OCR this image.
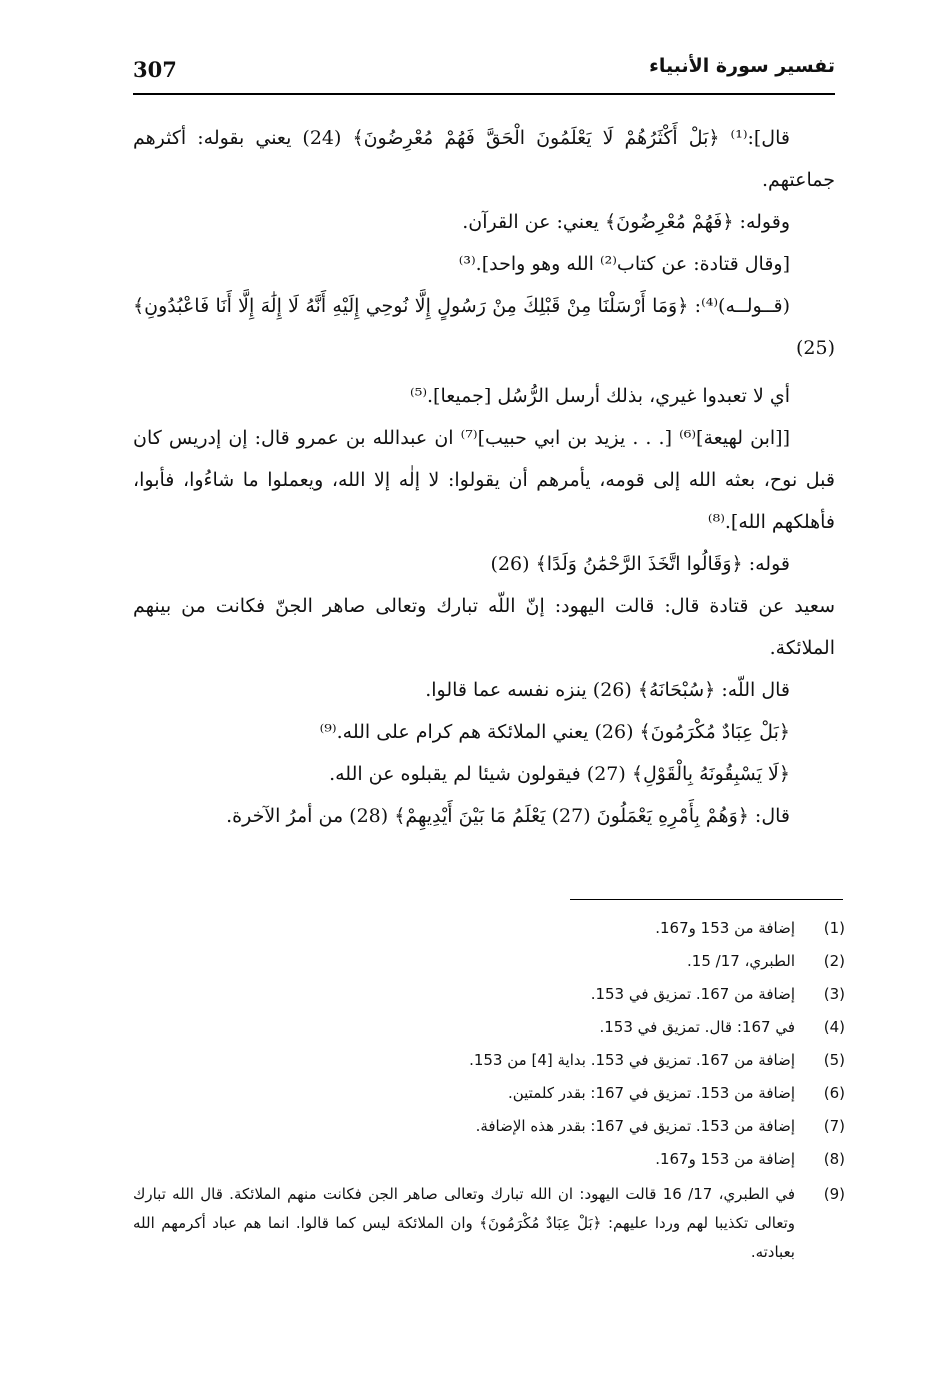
307	تفسير سورة الأنبياء

قال]:⁽¹⁾ ﴿بَلْ أَكْثَرُهُمْ لَا يَعْلَمُونَ الْحَقَّ فَهُمْ مُعْرِضُونَ﴾ (24) يعني بقوله: أكثرهم جماعتهم.

وقوله: ﴿فَهُمْ مُعْرِضُونَ﴾ يعني: عن القرآن.

[وقال قتادة: عن كتاب⁽²⁾ الله وهو واحد].⁽³⁾

(قــولــه)⁽⁴⁾: ﴿وَمَا أَرْسَلْنَا مِنْ قَبْلِكَ مِنْ رَسُولٍ إِلَّا نُوحِي إِلَيْهِ أَنَّهُ لَا إِلَٰهَ إِلَّا أَنَا فَاعْبُدُونِ﴾ (25)

أي لا تعبدوا غيري، بذلك أرسل الرُّسُل [جميعا].⁽⁵⁾

[[ابن لهيعة]⁽⁶⁾ [. . . يزيد بن ابي حبيب]⁽⁷⁾ ان عبدالله بن عمرو قال: إن إدريس كان قبل نوح، بعثه الله إلى قومه، يأمرهم أن يقولوا: لا إلٰه إلا الله، ويعملوا ما شاءُوا، فأبوا، فأهلكهم الله].⁽⁸⁾

قوله: ﴿وَقَالُوا اتَّخَذَ الرَّحْمَٰنُ وَلَدًا﴾ (26)

سعيد عن قتادة قال: قالت اليهود: إنّ اللّه تبارك وتعالى صاهر الجنّ فكانت من بينهم الملائكة.

قال اللّه: ﴿سُبْحَانَهُ﴾ (26) ينزه نفسه عما قالوا.

﴿بَلْ عِبَادٌ مُكْرَمُونَ﴾ (26) يعني الملائكة هم كرام على الله.⁽⁹⁾

﴿لَا يَسْبِقُونَهُ بِالْقَوْلِ﴾ (27) فيقولون شيئا لم يقبلوه عن الله.

قال: ﴿وَهُمْ بِأَمْرِهِ يَعْمَلُونَ (27) يَعْلَمُ مَا بَيْنَ أَيْدِيهِمْ﴾ (28) من أمرُ الآخرة.

(1)
إضافة من 153 و167.
(2)
الطبري، 17/ 15.
(3)
إضافة من 167. تمزيق في 153.
(4)
في 167: قال. تمزيق في 153.
(5)
إضافة من 167. تمزيق في 153. بداية [4] من 153.
(6)
إضافة من 153. تمزيق في 167: بقدر كلمتين.
(7)
إضافة من 153. تمزيق في 167: بقدر هذه الإضافة.
(8)
إضافة من 153 و167.
(9)
في الطبري، 17/ 16 قالت اليهود: ان الله تبارك وتعالى صاهر الجن فكانت منهم الملائكة. قال الله تبارك وتعالى تكذيبا لهم وردا عليهم: ﴿بَلْ عِبَادٌ مُكْرَمُونَ﴾ وان الملائكة ليس كما قالوا. انما هم عباد أكرمهم الله بعبادته.
